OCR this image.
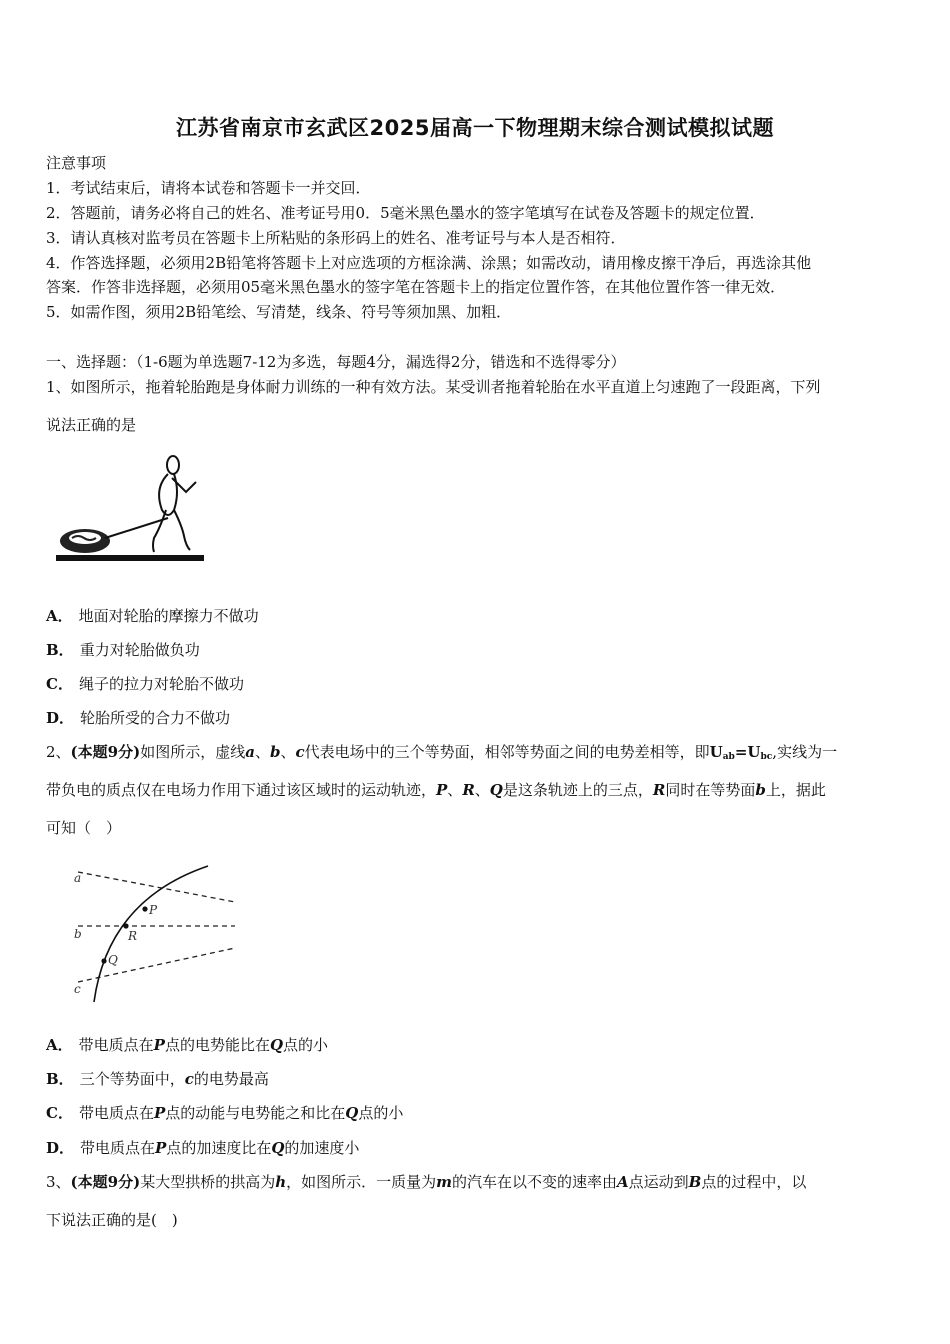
江苏省南京市玄武区2025届高一下物理期末综合测试模拟试题
注意事项
1．考试结束后，请将本试卷和答题卡一并交回．
2．答题前，请务必将自己的姓名、准考证号用0．5毫米黑色墨水的签字笔填写在试卷及答题卡的规定位置．
3．请认真核对监考员在答题卡上所粘贴的条形码上的姓名、准考证号与本人是否相符．
4．作答选择题，必须用2B铅笔将答题卡上对应选项的方框涂满、涂黑；如需改动，请用橡皮擦干净后，再选涂其他
答案．作答非选择题，必须用05毫米黑色墨水的签字笔在答题卡上的指定位置作答，在其他位置作答一律无效．
5．如需作图，须用2B铅笔绘、写清楚，线条、符号等须加黑、加粗．
一、选择题：（1-6题为单选题7-12为多选，每题4分，漏选得2分，错选和不选得零分）
1、如图所示，拖着轮胎跑是身体耐力训练的一种有效方法。某受训者拖着轮胎在水平直道上匀速跑了一段距离，下列
说法正确的是
A． 地面对轮胎的摩擦力不做功
B． 重力对轮胎做负功
C． 绳子的拉力对轮胎不做功
D． 轮胎所受的合力不做功
2、(本题9分)如图所示，虚线a、b、c代表电场中的三个等势面，相邻等势面之间的电势差相等，即$U_{ab}=U_{bc}$,实线为一
带负电的质点仅在电场力作用下通过该区域时的运动轨迹，P、R、Q是这条轨迹上的三点，R同时在等势面b上，据此
可知（　）
a
b
c
P
R
Q
A． 带电质点在P点的电势能比在Q点的小
B． 三个等势面中，c的电势最高
C． 带电质点在P点的动能与电势能之和比在Q点的小
D． 带电质点在P点的加速度比在Q的加速度小
3、(本题9分)某大型拱桥的拱高为h，如图所示．一质量为m的汽车在以不变的速率由A点运动到B点的过程中，以
下说法正确的是(　)
